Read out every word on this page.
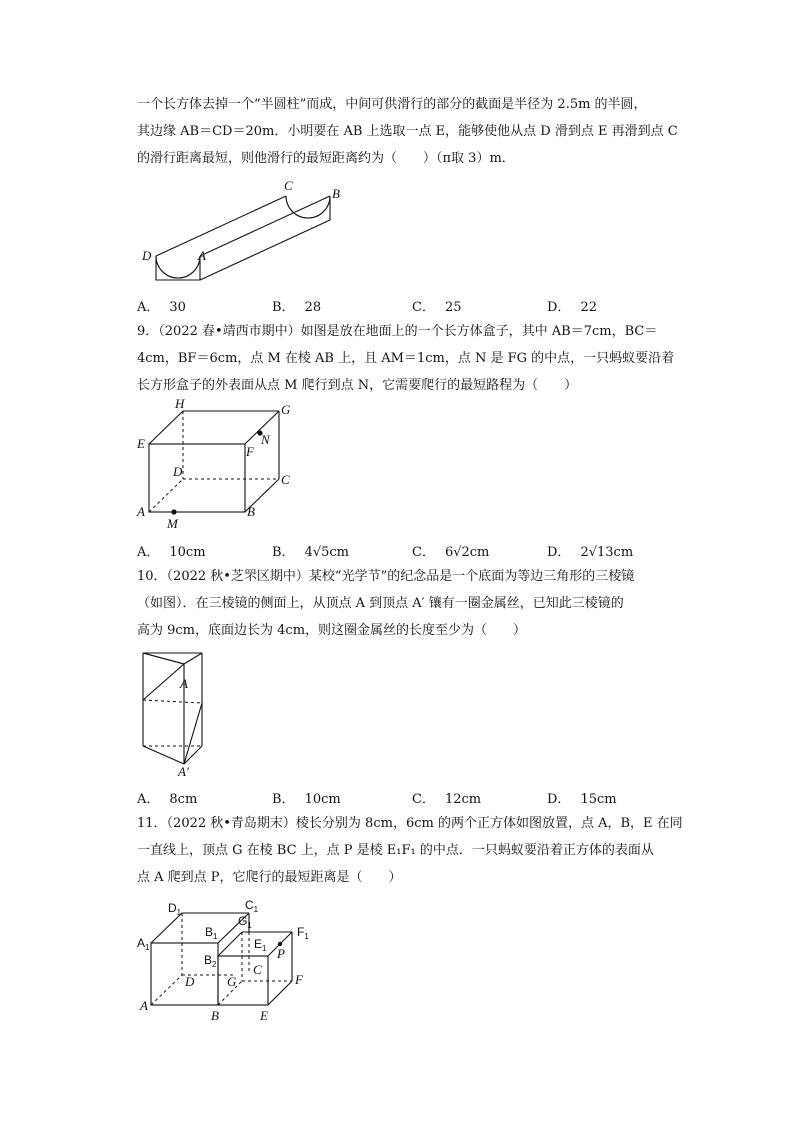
一个长方体去掉一个“半圆柱”而成，中间可供滑行的部分的截面是半径为 2.5m 的半圆，
其边缘 AB＝CD＝20m．小明要在 AB 上选取一点 E，能够使他从点 D 滑到点 E 再滑到点 C
的滑行距离最短，则他滑行的最短距离约为（　　）（π取 3）m．
C
B
D	A
A． 30	B． 28	C． 25	D． 22
9．（2022 春•靖西市期中）如图是放在地面上的一个长方体盒子，其中 AB＝7cm，BC＝
4cm，BF＝6cm，点 M 在棱 AB 上，且 AM＝1cm，点 N 是 FG 的中点，一只蚂蚁要沿着
长方形盒子的外表面从点 M 爬行到点 N，它需要爬行的最短路程为（　　）
H	G
E	N
F
D
C
A
M
B
A． 10cm	B． 4√5cm	C． 6√2cm	D． 2√13cm
10．（2022 秋•芝罘区期中）某校“光学节”的纪念品是一个底面为等边三角形的三棱镜
（如图）．在三棱镜的侧面上，从顶点 A 到顶点 A′ 镶有一圈金属丝，已知此三棱镜的
高为 9cm，底面边长为 4cm，则这圈金属丝的长度至少为（　　）
A
A′
A． 8cm	B． 10cm	C． 12cm	D． 15cm
11．（2022 秋•青岛期末）棱长分别为 8cm，6cm 的两个正方体如图放置，点 A，B，E 在同
一直线上，顶点 G 在棱 BC 上，点 P 是棱 E₁F₁ 的中点．一只蚂蚁要沿着正方体的表面从
点 A 爬到点 P，它爬行的最短距离是（　　）
$D_1$
$C_1$
$B_1$
$G_1$
$A_1$
$F_1$
$E_1$ P
$B_2$	C
F
D	G
A
B	E
